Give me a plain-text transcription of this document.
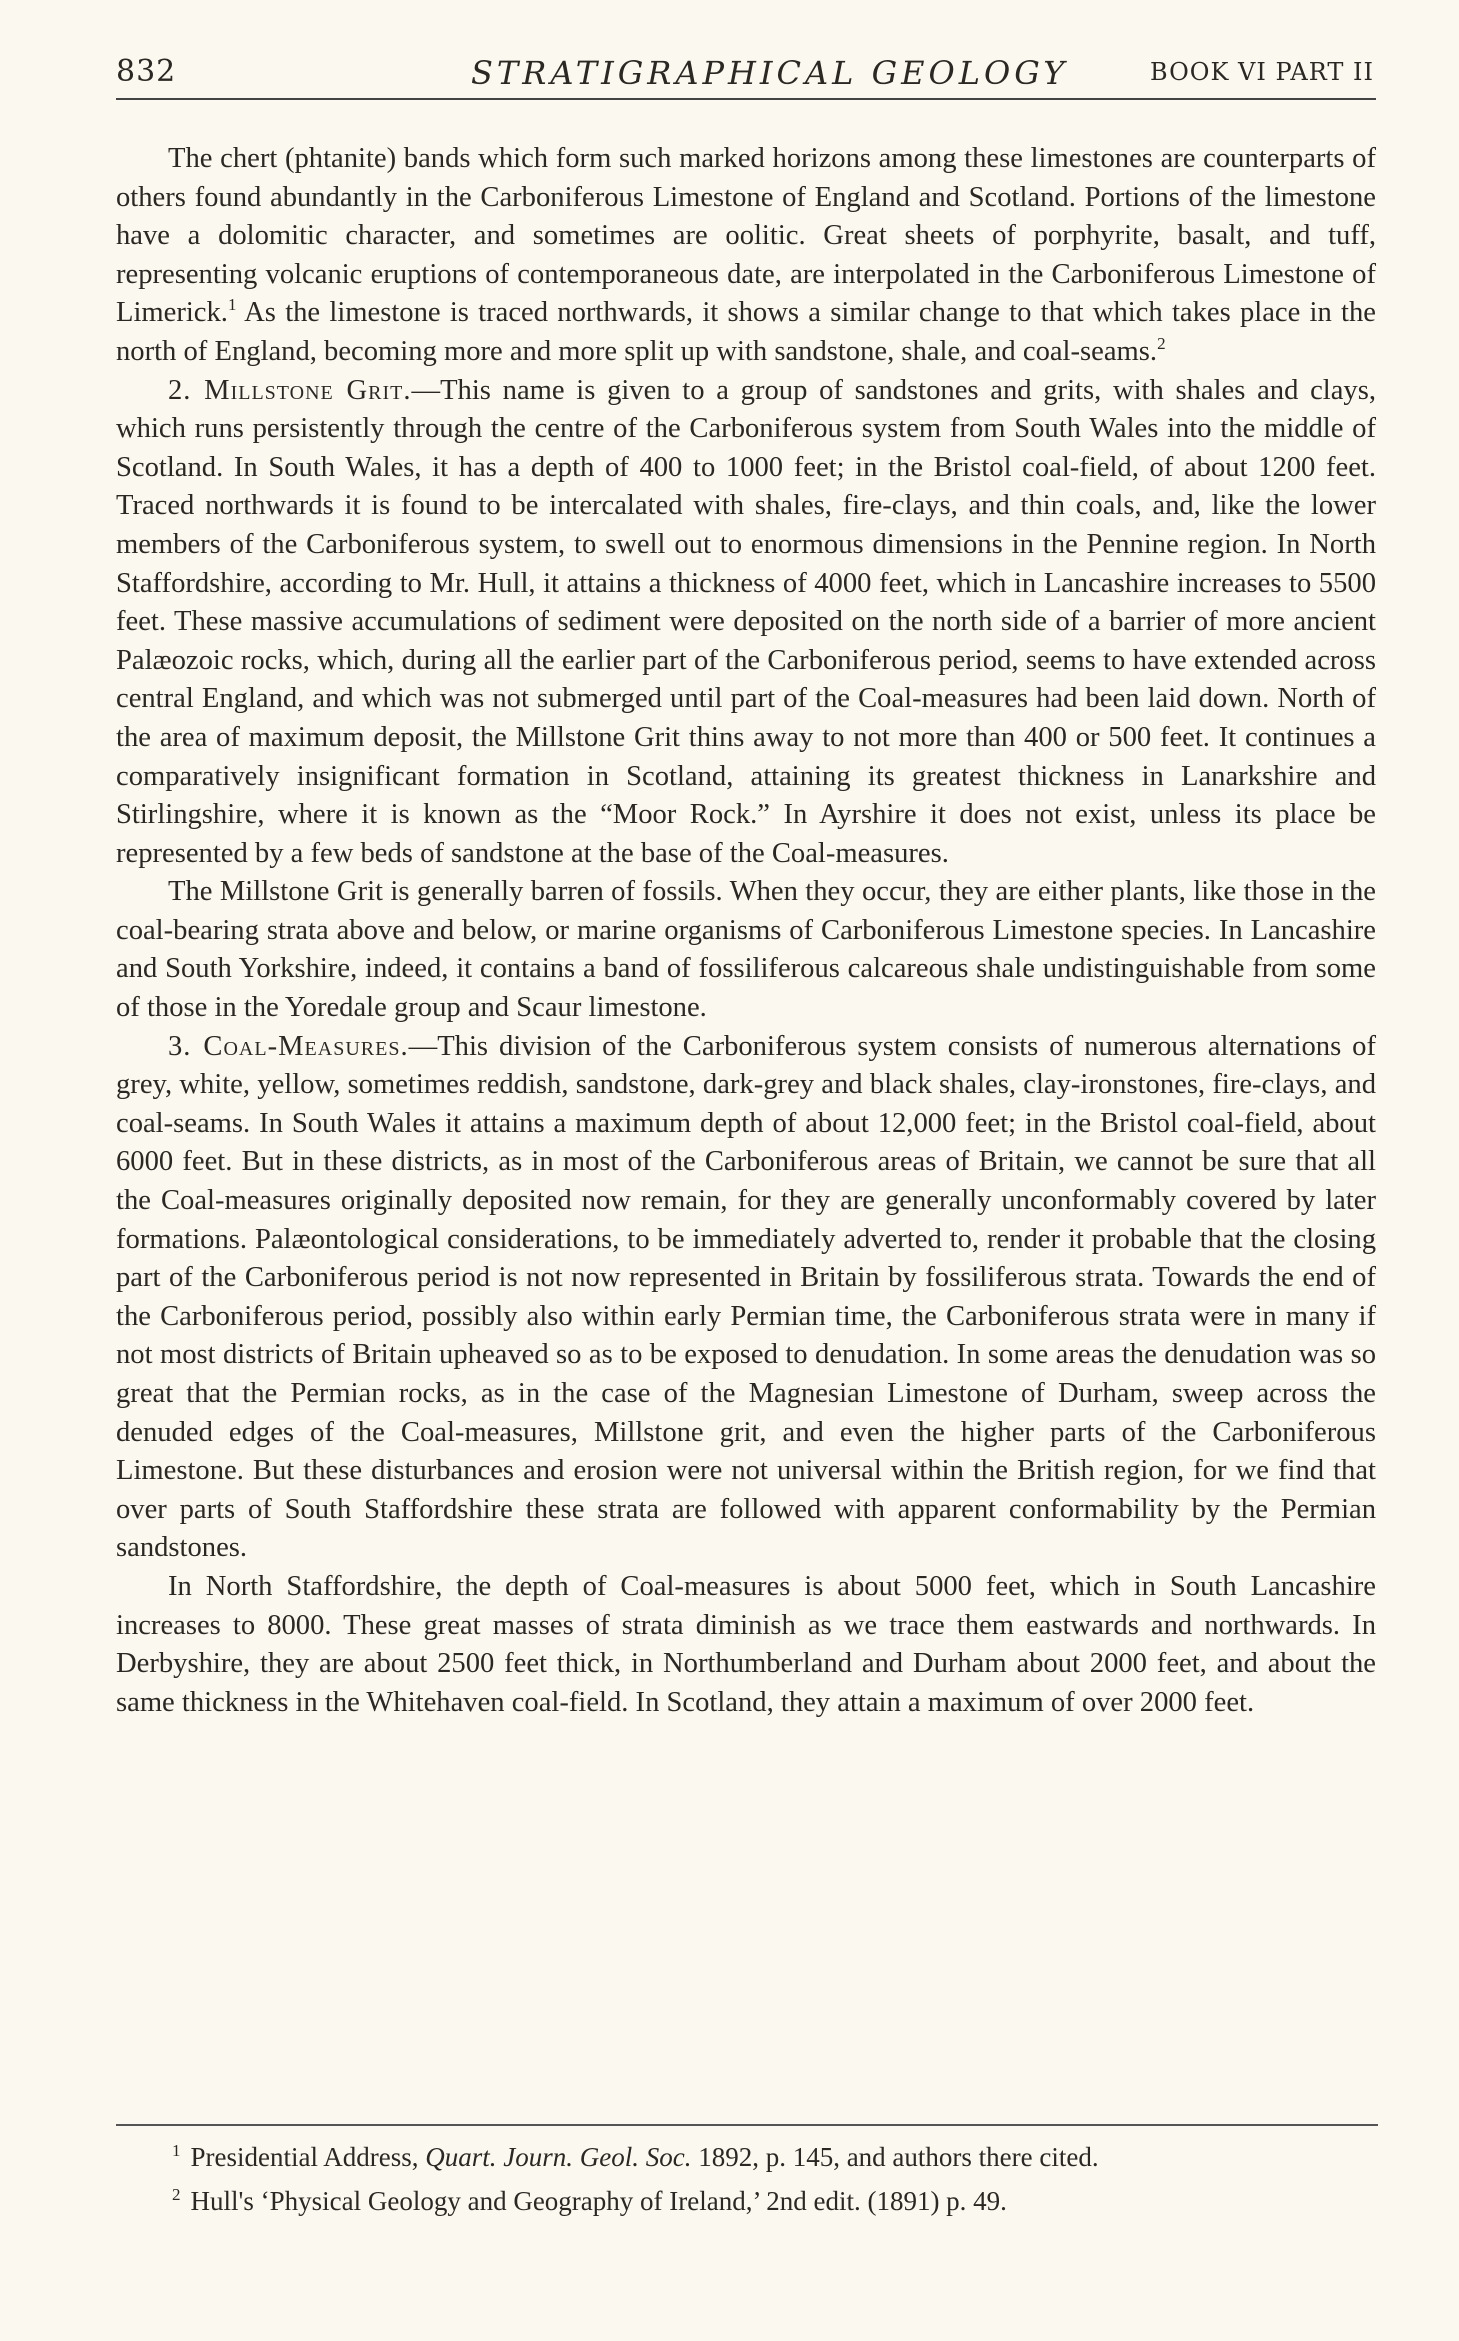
832	STRATIGRAPHICAL GEOLOGY	BOOK VI PART II

The chert (phtanite) bands which form such marked horizons among these limestones are counterparts of others found abundantly in the Carboniferous Limestone of England and Scotland. Portions of the limestone have a dolomitic character, and sometimes are oolitic. Great sheets of porphyrite, basalt, and tuff, representing volcanic eruptions of contemporaneous date, are interpolated in the Carboniferous Limestone of Limerick.$^1$ As the limestone is traced northwards, it shows a similar change to that which takes place in the north of England, becoming more and more split up with sandstone, shale, and coal-seams.$^2$

2. Millstone Grit.—This name is given to a group of sandstones and grits, with shales and clays, which runs persistently through the centre of the Carboniferous system from South Wales into the middle of Scotland. In South Wales, it has a depth of 400 to 1000 feet; in the Bristol coal-field, of about 1200 feet. Traced northwards it is found to be intercalated with shales, fire-clays, and thin coals, and, like the lower members of the Carboniferous system, to swell out to enormous dimensions in the Pennine region. In North Staffordshire, according to Mr. Hull, it attains a thickness of 4000 feet, which in Lancashire increases to 5500 feet. These massive accumulations of sediment were deposited on the north side of a barrier of more ancient Palæozoic rocks, which, during all the earlier part of the Carboniferous period, seems to have extended across central England, and which was not submerged until part of the Coal-measures had been laid down. North of the area of maximum deposit, the Millstone Grit thins away to not more than 400 or 500 feet. It continues a comparatively insignificant formation in Scotland, attaining its greatest thickness in Lanarkshire and Stirlingshire, where it is known as the “Moor Rock.” In Ayrshire it does not exist, unless its place be represented by a few beds of sandstone at the base of the Coal-measures.

The Millstone Grit is generally barren of fossils. When they occur, they are either plants, like those in the coal-bearing strata above and below, or marine organisms of Carboniferous Limestone species. In Lancashire and South Yorkshire, indeed, it contains a band of fossiliferous calcareous shale undistinguishable from some of those in the Yoredale group and Scaur limestone.

3. Coal-Measures.—This division of the Carboniferous system consists of numerous alternations of grey, white, yellow, sometimes reddish, sandstone, dark-grey and black shales, clay-ironstones, fire-clays, and coal-seams. In South Wales it attains a maximum depth of about 12,000 feet; in the Bristol coal-field, about 6000 feet. But in these districts, as in most of the Carboniferous areas of Britain, we cannot be sure that all the Coal-measures originally deposited now remain, for they are generally unconformably covered by later formations. Palæontological considerations, to be immediately adverted to, render it probable that the closing part of the Carboniferous period is not now represented in Britain by fossiliferous strata. Towards the end of the Carboniferous period, possibly also within early Permian time, the Carboniferous strata were in many if not most districts of Britain upheaved so as to be exposed to denudation. In some areas the denudation was so great that the Permian rocks, as in the case of the Magnesian Limestone of Durham, sweep across the denuded edges of the Coal-measures, Millstone grit, and even the higher parts of the Carboniferous Limestone. But these disturbances and erosion were not universal within the British region, for we find that over parts of South Staffordshire these strata are followed with apparent conformability by the Permian sandstones.

In North Staffordshire, the depth of Coal-measures is about 5000 feet, which in South Lancashire increases to 8000. These great masses of strata diminish as we trace them eastwards and northwards. In Derbyshire, they are about 2500 feet thick, in Northumberland and Durham about 2000 feet, and about the same thickness in the Whitehaven coal-field. In Scotland, they attain a maximum of over 2000 feet.

$^1$ Presidential Address, Quart. Journ. Geol. Soc. 1892, p. 145, and authors there cited.

$^2$ Hull's ‘Physical Geology and Geography of Ireland,’ 2nd edit. (1891) p. 49.
